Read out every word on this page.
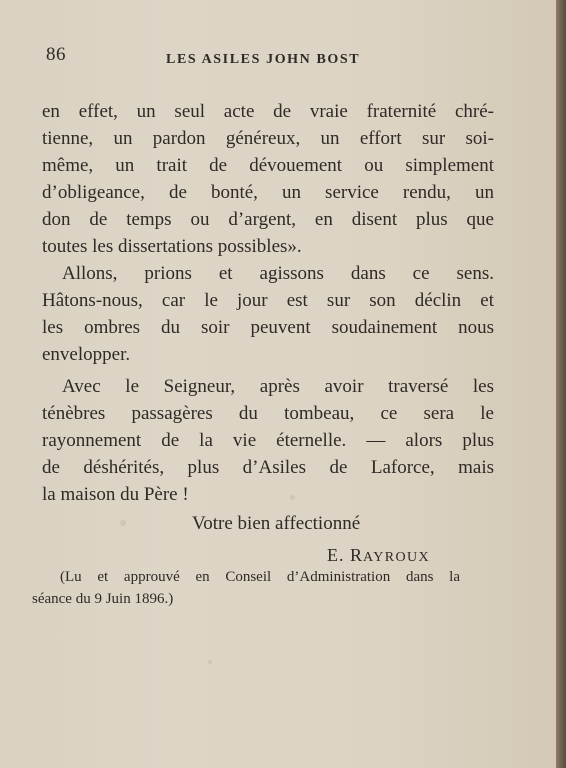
86	LES ASILES JOHN BOST
en effet, un seul acte de vraie fraternité chré-
tienne, un pardon généreux, un effort sur soi-
même, un trait de dévouement ou simplement
d’obligeance, de bonté, un service rendu, un
don de temps ou d’argent, en disent plus que
toutes les dissertations possibles».
Allons, prions et agissons dans ce sens.
Hâtons-nous, car le jour est sur son déclin et
les ombres du soir peuvent soudainement nous
envelopper.
Avec le Seigneur, après avoir traversé les
ténèbres passagères du tombeau, ce sera le
rayonnement de la vie éternelle. — alors plus
de déshérités, plus d’Asiles de Laforce, mais
la maison du Père !
Votre bien affectionné
E. RAYROUX
(Lu et approuvé en Conseil d’Administration dans la
séance du 9 Juin 1896.)
